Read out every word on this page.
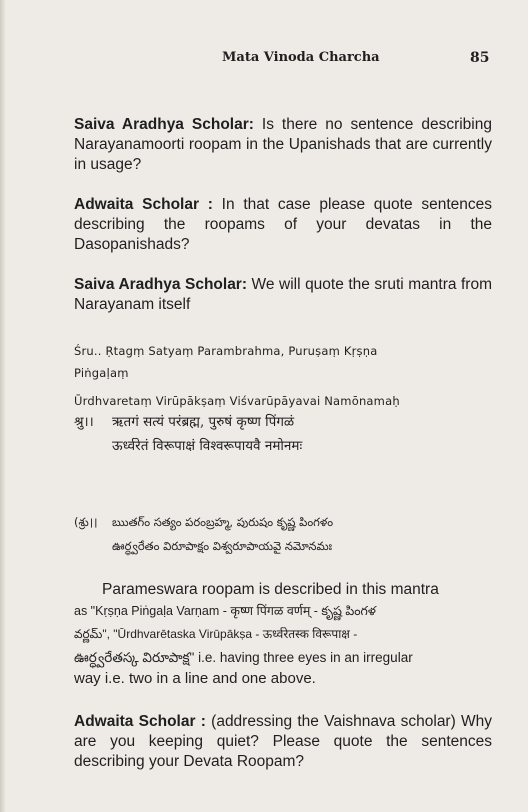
Mata Vinoda Charcha	85

Saiva Aradhya Scholar: Is there no sentence describing Narayanamoorti roopam in the Upanishads that are currently in usage?

Adwaita Scholar : In that case please quote sentences describing the roopams of your devatas in the Dasopanishads?

Saiva Aradhya Scholar: We will quote the sruti mantra from Narayanam itself

Śru.. Ṛtagṃ Satyaṃ Parambrahma, Puruṣaṃ Kṛṣṇa
Piṅgaḷaṃ
Ūrdhvaretaṃ Virūpākṣaṃ Viśvarūpāyavai Namōnamaḥ
श्रु।। ऋतगं सत्यं परंब्रह्म, पुरुषं कृष्ण पिंगळं
ऊर्ध्वरेतं विरूपाक्षं विश्वरूपायवै नमोनमः
(శ్రు।। ఋతగ్ం సత్యం పరంబ్రహ్మ, పురుషం కృష్ణ పింగళం
ఊర్ధ్వరేతం విరూపాక్షం విశ్వరూపాయవై నమోనమః
Parameswara roopam is described in this mantra
as "Kṛṣṇa Piṅgaḷa Varṇam - कृष्ण पिंगळ वर्णम् - కృష్ణ పింగళ
వర్ణమ్", "Ūrdhvarētaska Virūpākṣa - ऊर्ध्वरेतस्क विरूपाक्ष -
ఊర్ధ్వరేతస్క విరూపాక్ష" i.e. having three eyes in an irregular
way i.e. two in a line and one above.

Adwaita Scholar : (addressing the Vaishnava scholar) Why are you keeping quiet? Please quote the sentences describing your Devata Roopam?
